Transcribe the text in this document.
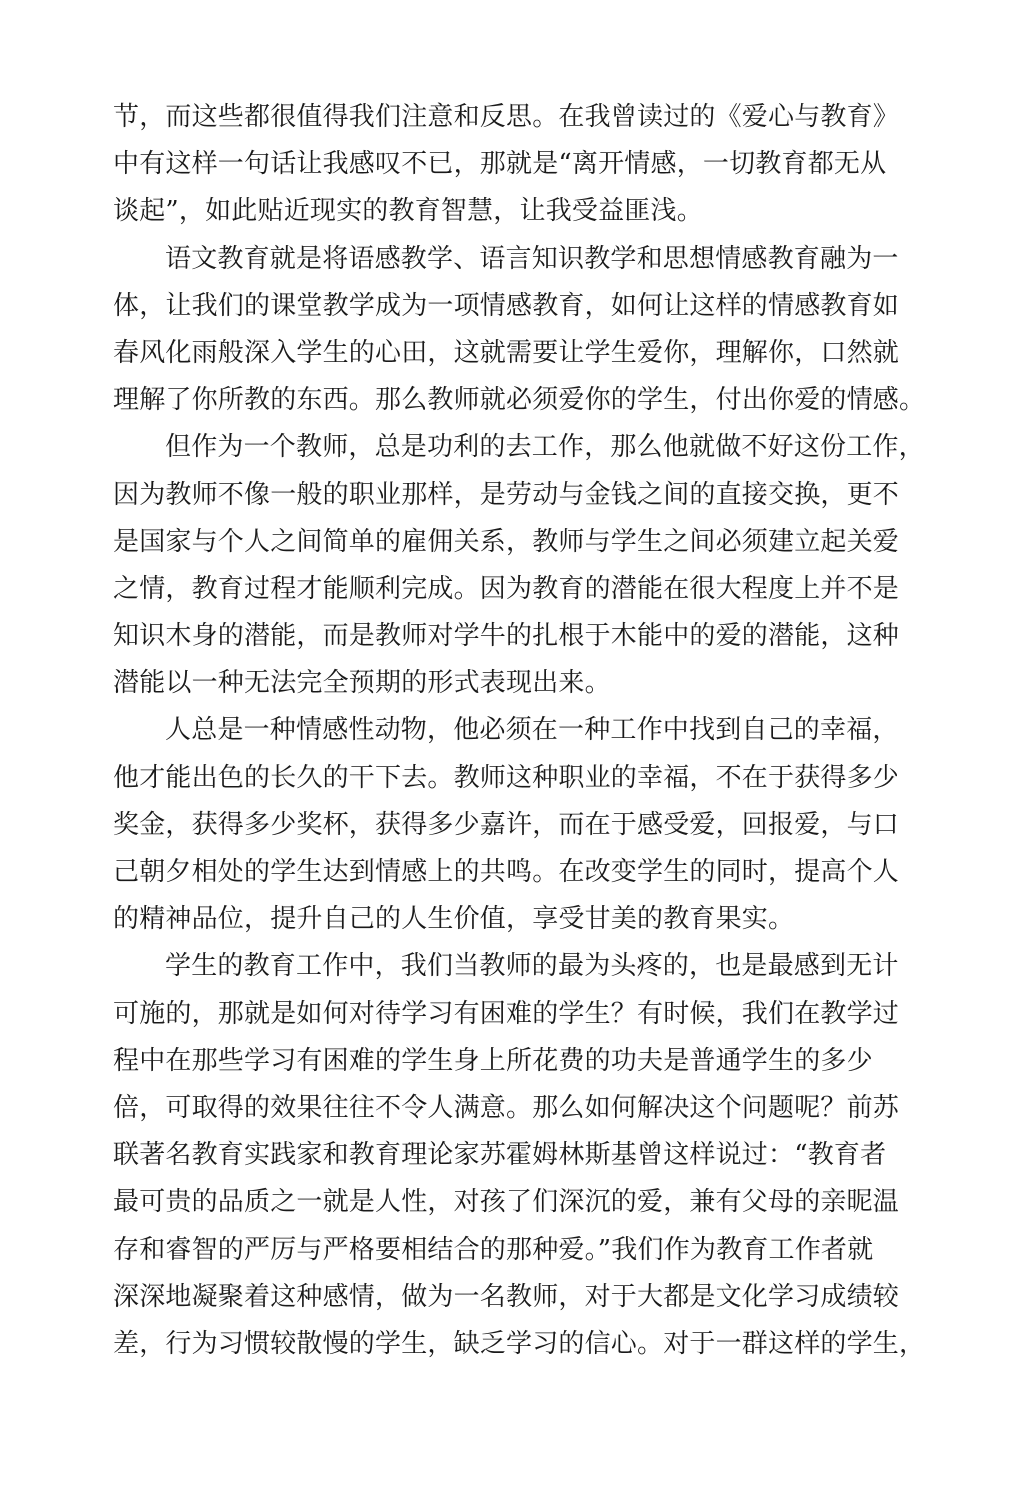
节，而这些都很值得我们注意和反思。在我曾读过的《爱心与教育》
中有这样一句话让我感叹不已，那就是“离开情感，一切教育都无从
谈起”，如此贴近现实的教育智慧，让我受益匪浅。
语文教育就是将语感教学、语言知识教学和思想情感教育融为一
体，让我们的课堂教学成为一项情感教育，如何让这样的情感教育如
春风化雨般深入学生的心田，这就需要让学生爱你，理解你，口然就
理解了你所教的东西。那么教师就必须爱你的学生，付出你爱的情感。
但作为一个教师，总是功利的去工作，那么他就做不好这份工作，
因为教师不像一般的职业那样，是劳动与金钱之间的直接交换，更不
是国家与个人之间简单的雇佣关系，教师与学生之间必须建立起关爱
之情，教育过程才能顺利完成。因为教育的潜能在很大程度上并不是
知识木身的潜能，而是教师对学牛的扎根于木能中的爱的潜能，这种
潜能以一种无法完全预期的形式表现出来。
人总是一种情感性动物，他必须在一种工作中找到自己的幸福，
他才能出色的长久的干下去。教师这种职业的幸福，不在于获得多少
奖金，获得多少奖杯，获得多少嘉许，而在于感受爱，回报爱，与口
己朝夕相处的学生达到情感上的共鸣。在改变学生的同时，提高个人
的精神品位，提升自己的人生价值，享受甘美的教育果实。
学生的教育工作中，我们当教师的最为头疼的，也是最感到无计
可施的，那就是如何对待学习有困难的学生？有时候，我们在教学过
程中在那些学习有困难的学生身上所花费的功夫是普通学生的多少
倍，可取得的效果往往不令人满意。那么如何解决这个问题呢？前苏
联著名教育实践家和教育理论家苏霍姆林斯基曾这样说过：“教育者
最可贵的品质之一就是人性，对孩了们深沉的爱，兼有父母的亲昵温
存和睿智的严厉与严格要相结合的那种爱。”我们作为教育工作者就
深深地凝聚着这种感情，做为一名教师，对于大都是文化学习成绩较
差，行为习惯较散慢的学生，缺乏学习的信心。对于一群这样的学生，
